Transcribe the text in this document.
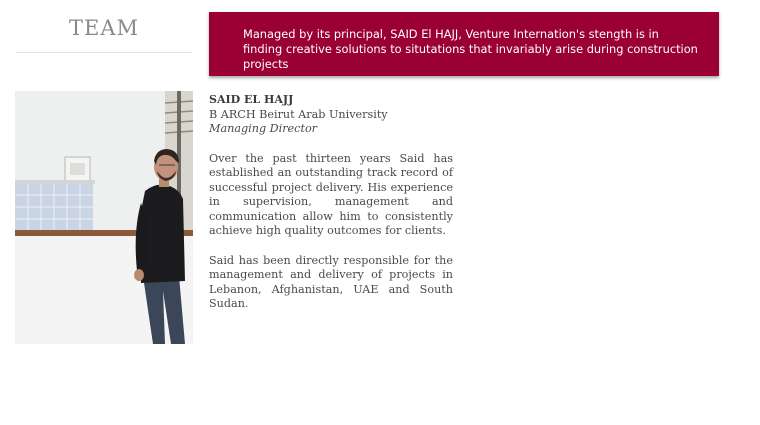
TEAM	Managed by its principal, SAID El HAJJ, Venture Internation's stength is in finding creative solutions to situtations that invariably arise during construction projects
SAID EL HAJJ
B ARCH Beirut Arab University
Managing Director
Over the past thirteen years Said has established an outstanding track record of successful project delivery. His experience in supervision, management and communication allow him to consistently achieve high quality outcomes for clients.
Said has been directly responsible for the management and delivery of projects in Lebanon, Afghanistan, UAE and South Sudan.
